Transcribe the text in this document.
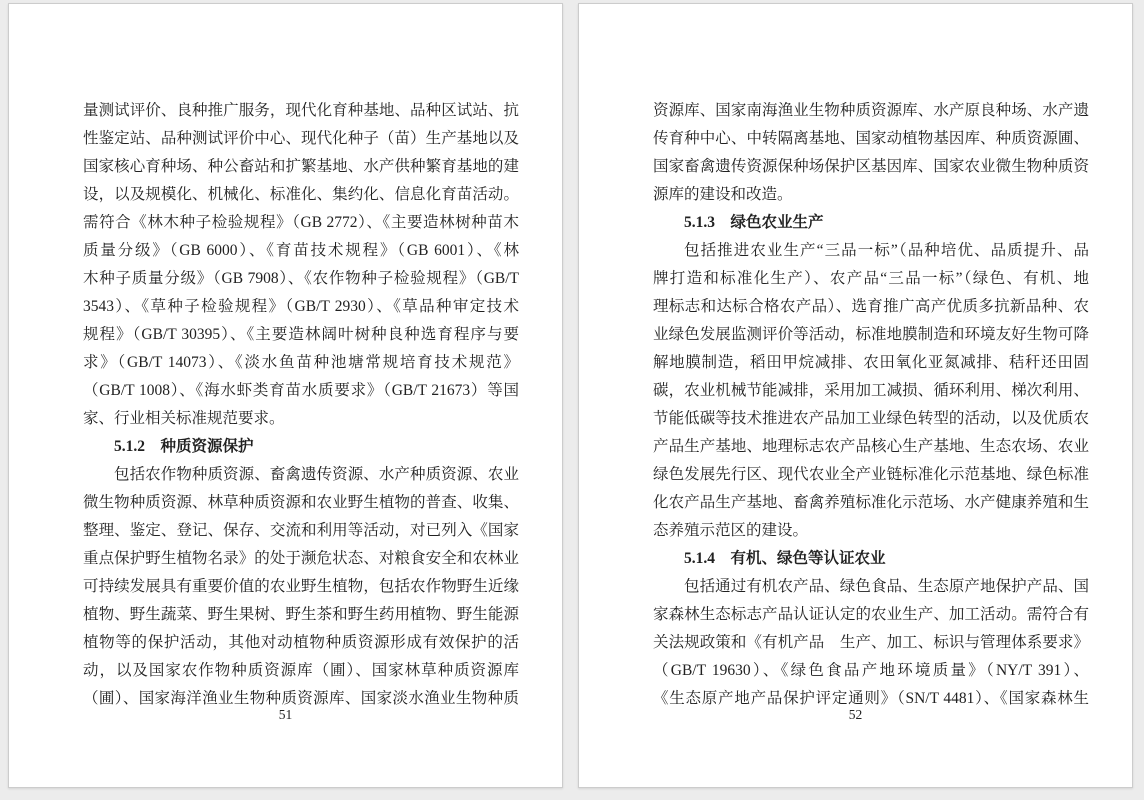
量测试评价、良种推广服务，现代化育种基地、品种区试站、抗
性鉴定站、品种测试评价中心、现代化种子（苗）生产基地以及
国家核心育种场、种公畜站和扩繁基地、水产供种繁育基地的建
设，以及规模化、机械化、标准化、集约化、信息化育苗活动。
需符合《林木种子检验规程》（GB 2772）、《主要造林树种苗木
质量分级》（GB 6000）、《育苗技术规程》（GB 6001）、《林
木种子质量分级》（GB 7908）、《农作物种子检验规程》（GB/T
3543）、《草种子检验规程》（GB/T 2930）、《草品种审定技术
规程》（GB/T 30395）、《主要造林阔叶树种良种选育程序与要
求》（GB/T 14073）、《淡水鱼苗种池塘常规培育技术规范》
（GB/T 1008）、《海水虾类育苗水质要求》（GB/T 21673）等国
家、行业相关标准规范要求。
5.1.2　种质资源保护
包括农作物种质资源、畜禽遗传资源、水产种质资源、农业
微生物种质资源、林草种质资源和农业野生植物的普查、收集、
整理、鉴定、登记、保存、交流和利用等活动，对已列入《国家
重点保护野生植物名录》的处于濒危状态、对粮食安全和农林业
可持续发展具有重要价值的农业野生植物，包括农作物野生近缘
植物、野生蔬菜、野生果树、野生茶和野生药用植物、野生能源
植物等的保护活动，其他对动植物种质资源形成有效保护的活
动，以及国家农作物种质资源库（圃）、国家林草种质资源库
（圃）、国家海洋渔业生物种质资源库、国家淡水渔业生物种质
51
资源库、国家南海渔业生物种质资源库、水产原良种场、水产遗
传育种中心、中转隔离基地、国家动植物基因库、种质资源圃、
国家畜禽遗传资源保种场保护区基因库、国家农业微生物种质资
源库的建设和改造。
5.1.3　绿色农业生产
包括推进农业生产“三品一标”（品种培优、品质提升、品
牌打造和标准化生产）、农产品“三品一标”（绿色、有机、地
理标志和达标合格农产品）、选育推广高产优质多抗新品种、农
业绿色发展监测评价等活动，标准地膜制造和环境友好生物可降
解地膜制造，稻田甲烷减排、农田氧化亚氮减排、秸秆还田固
碳，农业机械节能减排，采用加工减损、循环利用、梯次利用、
节能低碳等技术推进农产品加工业绿色转型的活动，以及优质农
产品生产基地、地理标志农产品核心生产基地、生态农场、农业
绿色发展先行区、现代农业全产业链标准化示范基地、绿色标准
化农产品生产基地、畜禽养殖标准化示范场、水产健康养殖和生
态养殖示范区的建设。
5.1.4　有机、绿色等认证农业
包括通过有机农产品、绿色食品、生态原产地保护产品、国
家森林生态标志产品认证认定的农业生产、加工活动。需符合有
关法规政策和《有机产品　生产、加工、标识与管理体系要求》
（GB/T 19630）、《绿色食品产地环境质量》（NY/T 391）、
《生态原产地产品保护评定通则》（SN/T 4481）、《国家森林生
52
